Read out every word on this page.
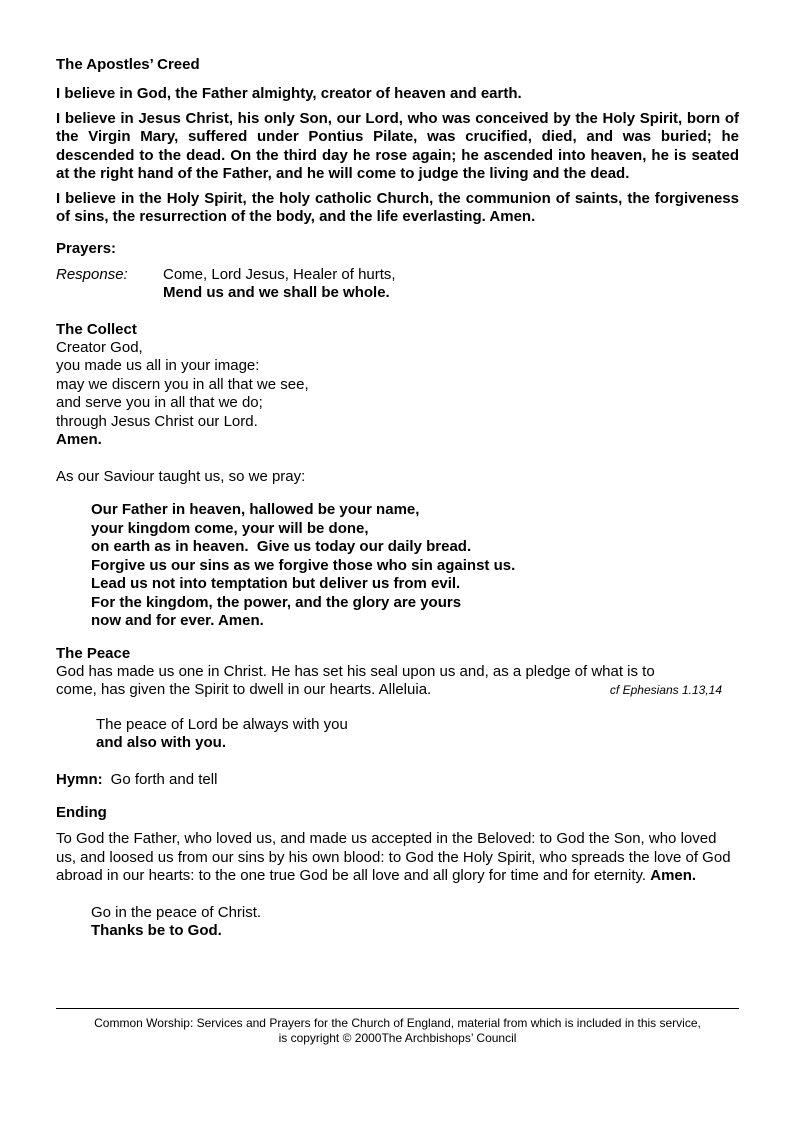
The Apostles’ Creed

I believe in God, the Father almighty, creator of heaven and earth.

I believe in Jesus Christ, his only Son, our Lord, who was conceived by the Holy Spirit, born of the Virgin Mary, suffered under Pontius Pilate, was crucified, died, and was buried; he descended to the dead. On the third day he rose again; he ascended into heaven, he is seated at the right hand of the Father, and he will come to judge the living and the dead.

I believe in the Holy Spirit, the holy catholic Church, the communion of saints, the forgiveness of sins, the resurrection of the body, and the life everlasting. Amen.

Prayers:

Response:	Come, Lord Jesus, Healer of hurts,

Mend us and we shall be whole.

The Collect

Creator God,

you made us all in your image:

may we discern you in all that we see,

and serve you in all that we do;

through Jesus Christ our Lord.

Amen.

As our Saviour taught us, so we pray:

Our Father in heaven, hallowed be your name,

your kingdom come, your will be done,

on earth as in heaven.  Give us today our daily bread.

Forgive us our sins as we forgive those who sin against us.

Lead us not into temptation but deliver us from evil.

For the kingdom, the power, and the glory are yours

now and for ever. Amen.

The Peace

God has made us one in Christ. He has set his seal upon us and, as a pledge of what is to

come, has given the Spirit to dwell in our hearts. Alleluia.	cf Ephesians 1.13,14

The peace of Lord be always with you

and also with you.

Hymn: Go forth and tell

Ending

To God the Father, who loved us, and made us accepted in the Beloved: to God the Son, who loved us, and loosed us from our sins by his own blood: to God the Holy Spirit, who spreads the love of God abroad in our hearts: to the one true God be all love and all glory for time and for eternity. Amen.

Go in the peace of Christ.

Thanks be to God.

Common Worship: Services and Prayers for the Church of England, material from which is included in this service,

is copyright © 2000The Archbishops’ Council
